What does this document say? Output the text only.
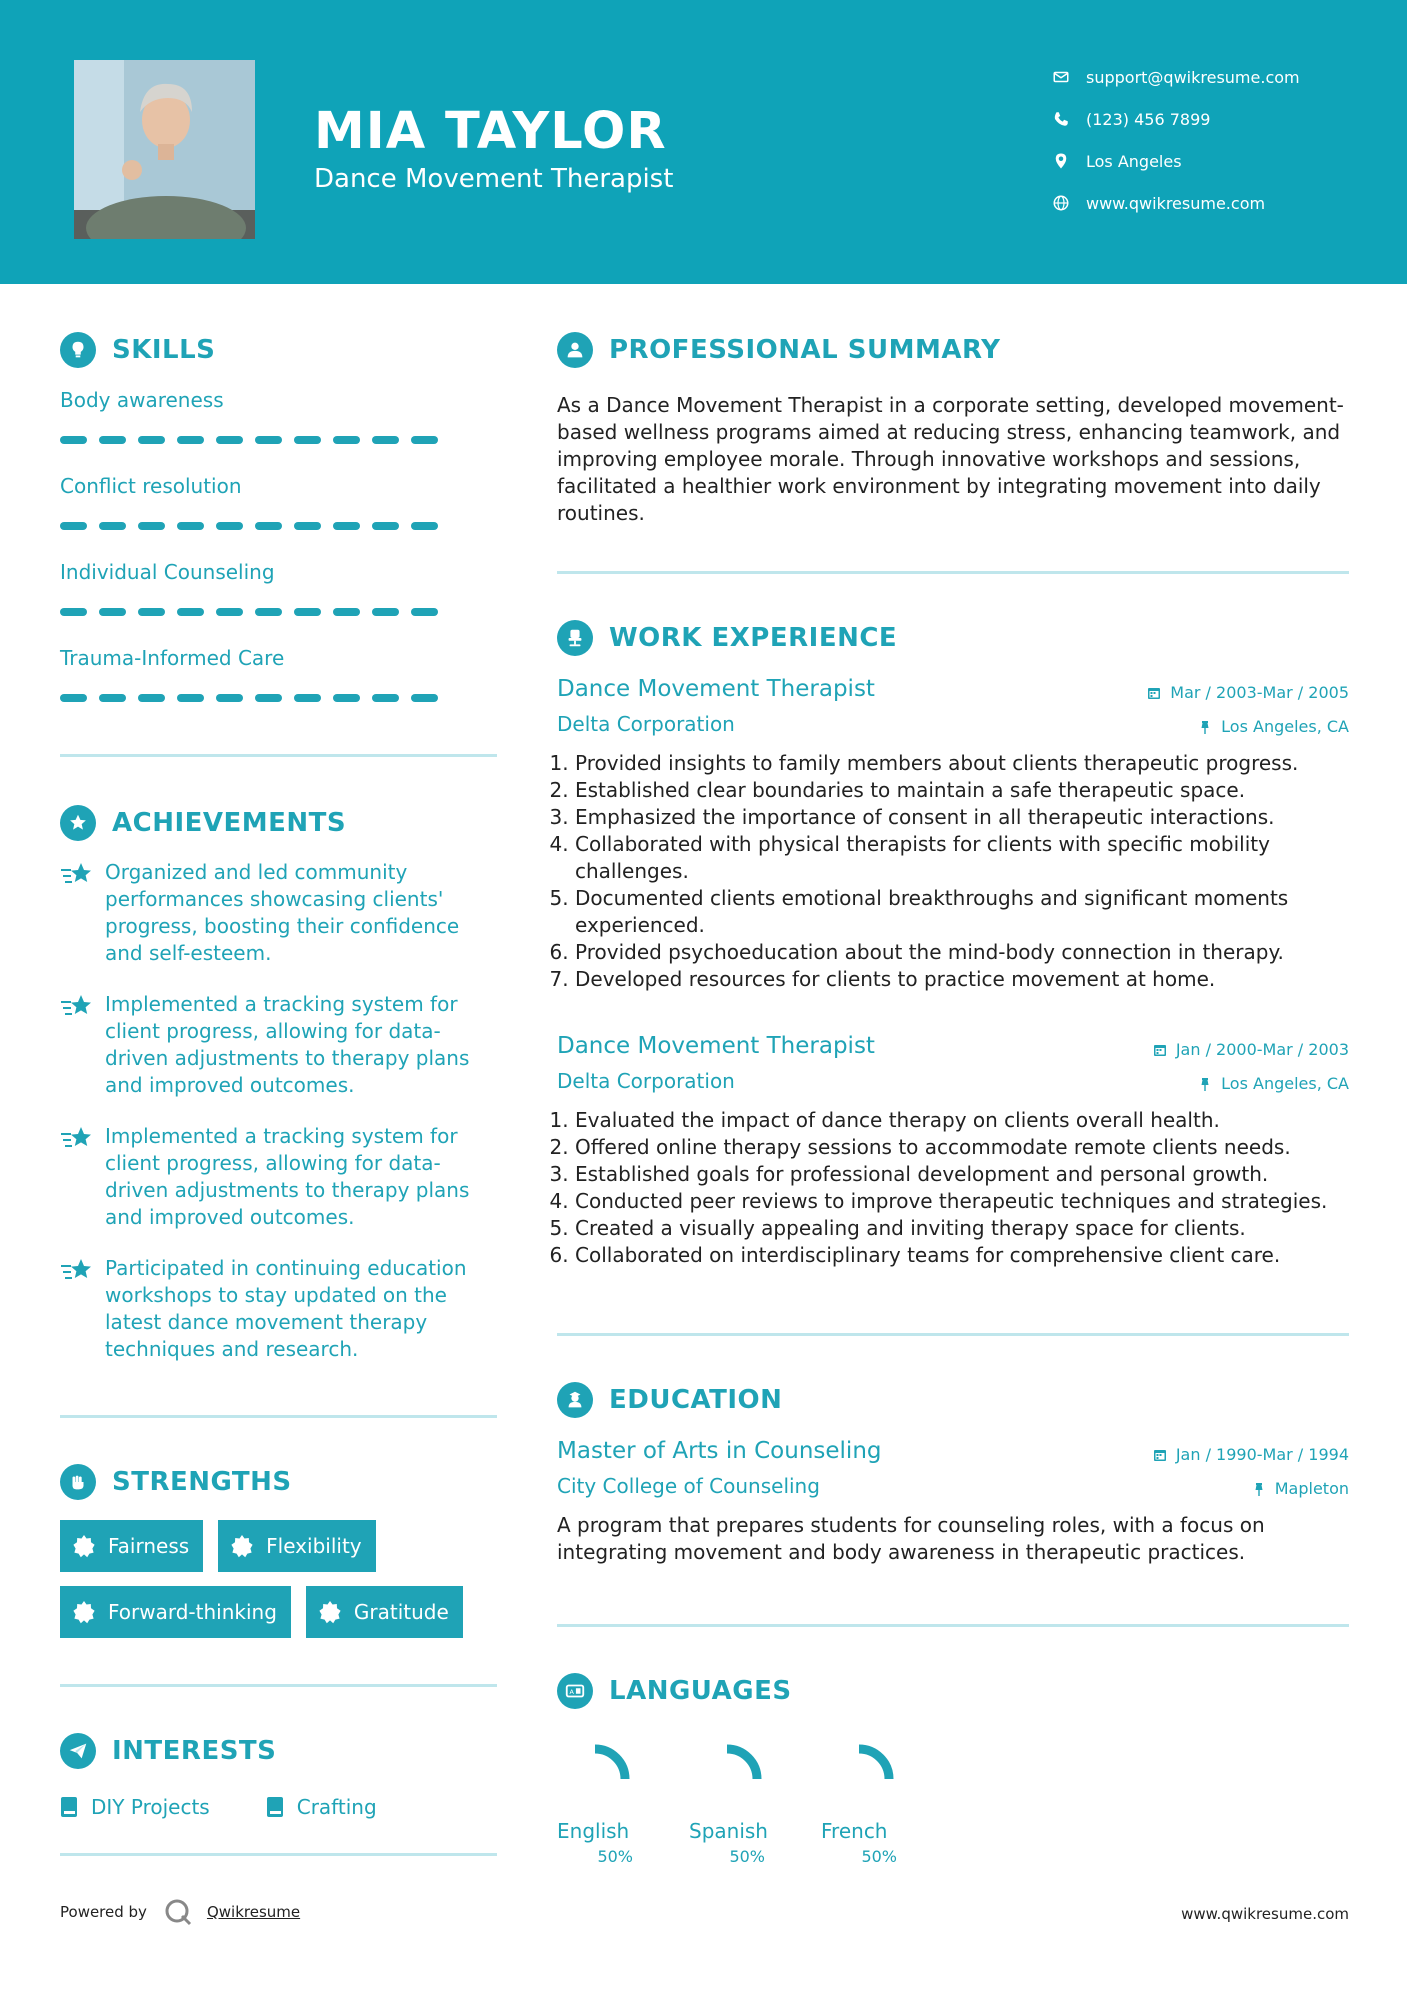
MIA TAYLOR
Dance Movement Therapist
support@qwikresume.com
(123) 456 7899
Los Angeles
www.qwikresume.com
SKILLS
Body awareness
Conflict resolution
Individual Counseling
Trauma-Informed Care
ACHIEVEMENTS

Organized and led community performances showcasing clients' progress, boosting their confidence and self-esteem.

Implemented a tracking system for client progress, allowing for data-driven adjustments to therapy plans and improved outcomes.

Implemented a tracking system for client progress, allowing for data-driven adjustments to therapy plans and improved outcomes.

Participated in continuing education workshops to stay updated on the latest dance movement therapy techniques and research.

STRENGTHS
Fairness	Flexibility
Forward-thinking	Gratitude
INTERESTS
DIY Projects	Crafting
Powered by	Qwikresume	www.qwikresume.com
PROFESSIONAL SUMMARY

As a Dance Movement Therapist in a corporate setting, developed movement-based wellness programs aimed at reducing stress, enhancing teamwork, and improving employee morale. Through innovative workshops and sessions, facilitated a healthier work environment by integrating movement into daily routines.

WORK EXPERIENCE
Dance Movement Therapist	Mar / 2003-Mar / 2005
Delta Corporation	Los Angeles, CA
1. Provided insights to family members about clients therapeutic progress.
2. Established clear boundaries to maintain a safe therapeutic space.
3. Emphasized the importance of consent in all therapeutic interactions.
4. Collaborated with physical therapists for clients with specific mobility challenges.
5. Documented clients emotional breakthroughs and significant moments experienced.
6. Provided psychoeducation about the mind-body connection in therapy.
7. Developed resources for clients to practice movement at home.
Dance Movement Therapist	Jan / 2000-Mar / 2003
Delta Corporation	Los Angeles, CA
1. Evaluated the impact of dance therapy on clients overall health.
2. Offered online therapy sessions to accommodate remote clients needs.
3. Established goals for professional development and personal growth.
4. Conducted peer reviews to improve therapeutic techniques and strategies.
5. Created a visually appealing and inviting therapy space for clients.
6. Collaborated on interdisciplinary teams for comprehensive client care.
EDUCATION
Master of Arts in Counseling	Jan / 1990-Mar / 1994
City College of Counseling	Mapleton

A program that prepares students for counseling roles, with a focus on integrating movement and body awareness in therapeutic practices.

A LANGUAGES
English
50%
Spanish
50%
French
50%
